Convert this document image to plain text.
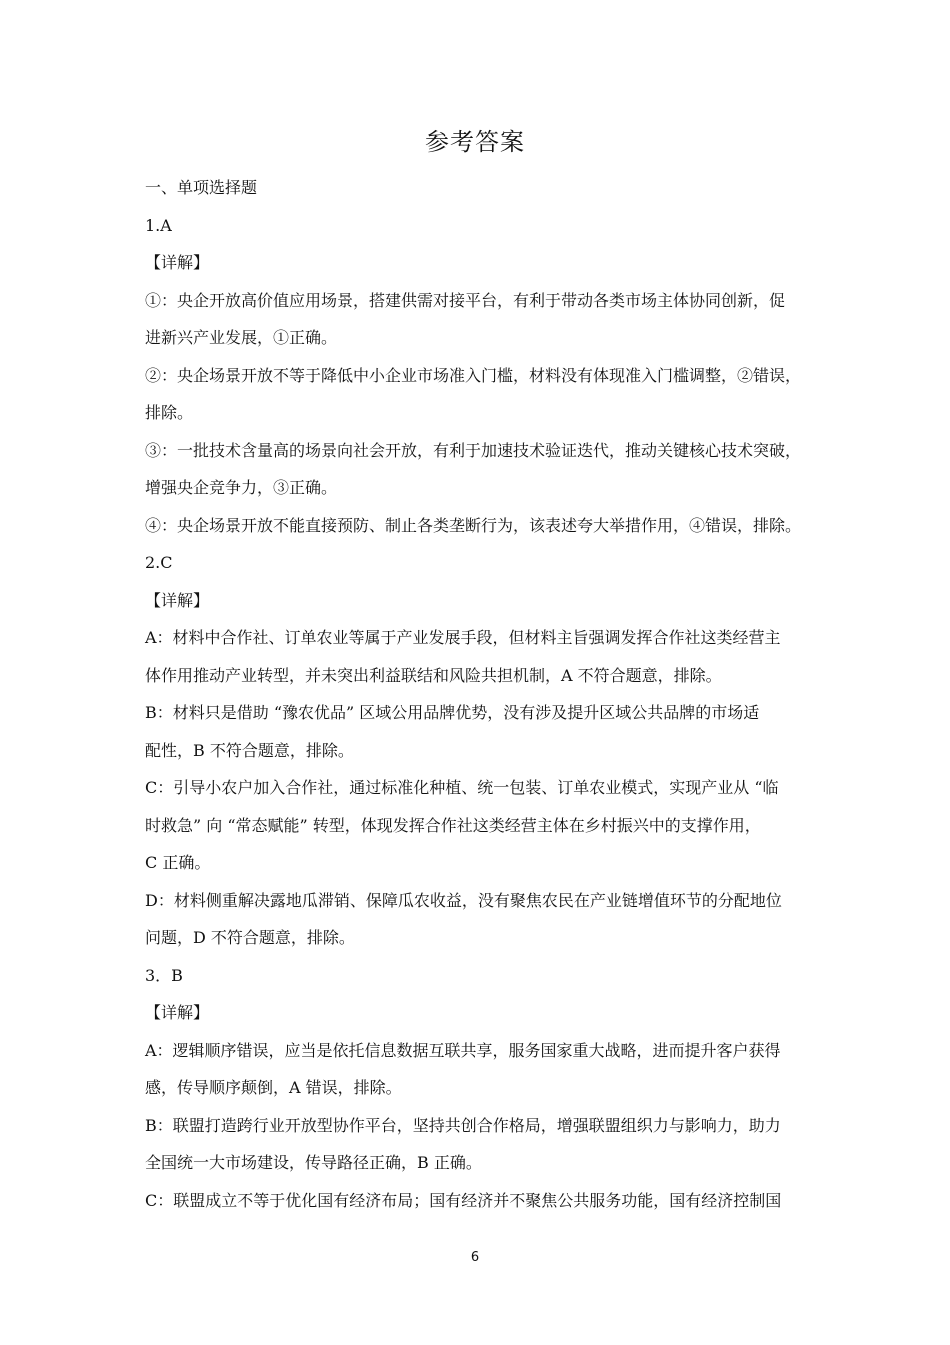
参考答案
一、单项选择题
1.A
【详解】
①：央企开放高价值应用场景，搭建供需对接平台，有利于带动各类市场主体协同创新，促
进新兴产业发展，①正确。
②：央企场景开放不等于降低中小企业市场准入门槛，材料没有体现准入门槛调整，②错误，
排除。
③：一批技术含量高的场景向社会开放，有利于加速技术验证迭代，推动关键核心技术突破，
增强央企竞争力，③正确。
④：央企场景开放不能直接预防、制止各类垄断行为，该表述夸大举措作用，④错误，排除。
2.C
【详解】
A：材料中合作社、订单农业等属于产业发展手段，但材料主旨强调发挥合作社这类经营主
体作用推动产业转型，并未突出利益联结和风险共担机制，A 不符合题意，排除。
B：材料只是借助 “豫农优品” 区域公用品牌优势，没有涉及提升区域公共品牌的市场适
配性，B 不符合题意，排除。
C：引导小农户加入合作社，通过标准化种植、统一包装、订单农业模式，实现产业从 “临
时救急” 向 “常态赋能” 转型，体现发挥合作社这类经营主体在乡村振兴中的支撑作用，
C 正确。
D：材料侧重解决露地瓜滞销、保障瓜农收益，没有聚焦农民在产业链增值环节的分配地位
问题，D 不符合题意，排除。
3．B
【详解】
A：逻辑顺序错误，应当是依托信息数据互联共享，服务国家重大战略，进而提升客户获得
感，传导顺序颠倒，A 错误，排除。
B：联盟打造跨行业开放型协作平台，坚持共创合作格局，增强联盟组织力与影响力，助力
全国统一大市场建设，传导路径正确，B 正确。
C：联盟成立不等于优化国有经济布局；国有经济并不聚焦公共服务功能，国有经济控制国
6
